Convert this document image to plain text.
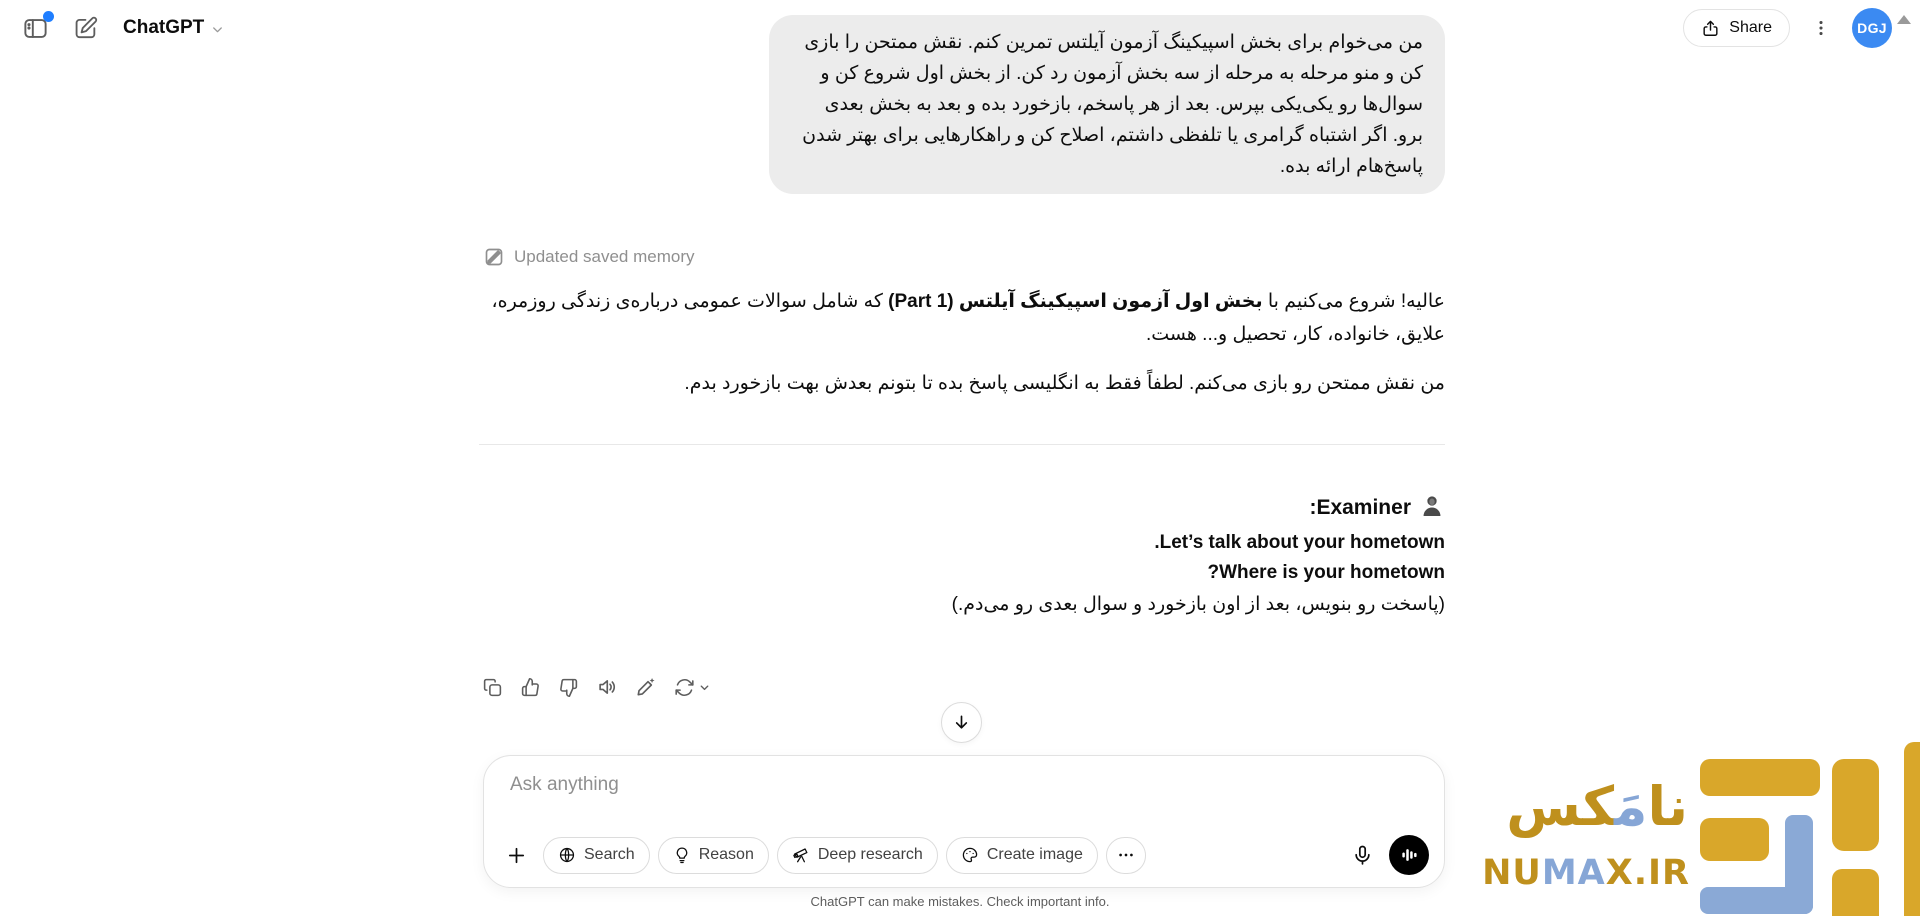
ChatGPT	Share	DGJ
من می‌خوام برای بخش اسپیکینگ آزمون آیلتس تمرین کنم. نقش ممتحن را بازی کن و منو مرحله به مرحله از سه بخش آزمون رد کن. از بخش اول شروع کن و سوال‌ها رو یکی‌یکی بپرس. بعد از هر پاسخم، بازخورد بده و بعد به بخش بعدی برو. اگر اشتباه گرامری یا تلفظی داشتم، اصلاح کن و راهکارهایی برای بهتر شدن پاسخ‌هام ارائه بده.
Updated saved memory

عالیه! شروع می‌کنیم با بخش اول آزمون اسپیکینگ آیلتس (Part 1) که شامل سوالات عمومی درباره‌ی زندگی روزمره، علایق، خانواده، کار، تحصیل و... هست.

من نقش ممتحن رو بازی می‌کنم. لطفاً فقط به انگلیسی پاسخ بده تا بتونم بعدش بهت بازخورد بدم.

Examiner:

Let’s talk about your hometown.

Where is your hometown?

(پاسخت رو بنویس، بعد از اون بازخورد و سوال بعدی رو می‌دم.)

Ask anything
Search	Reason	Deep research	Create image
ChatGPT can make mistakes. Check important info.
نامَکس
NUMAX.IR
